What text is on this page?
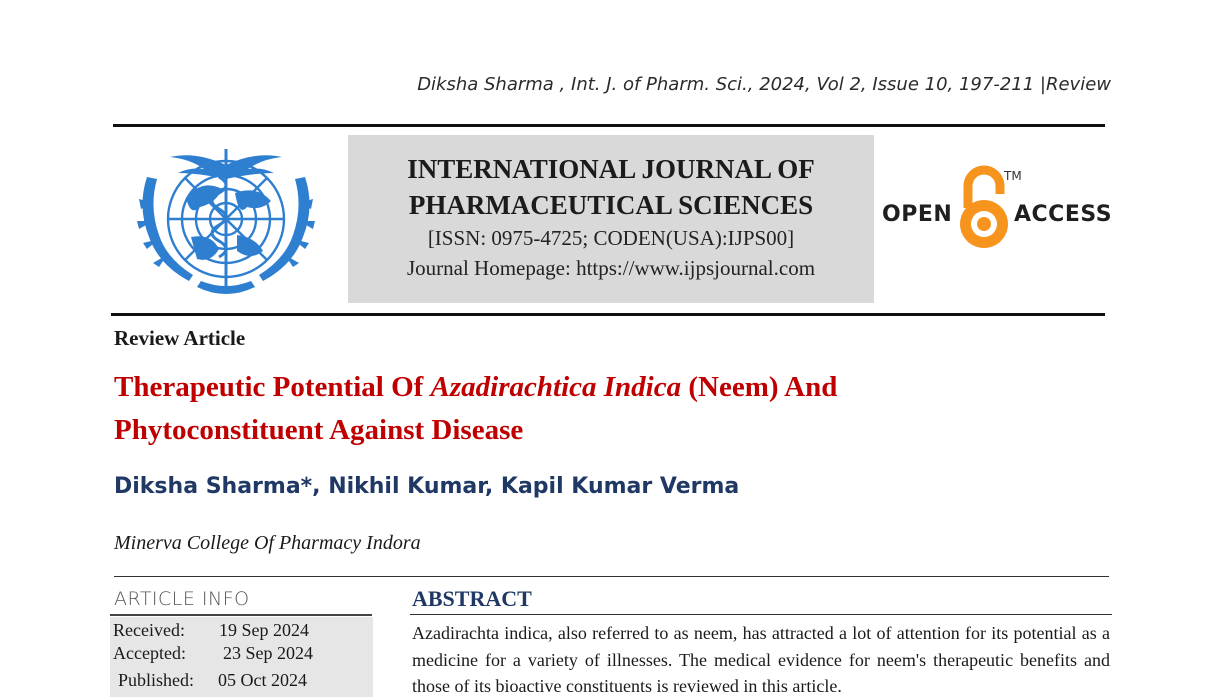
Diksha Sharma , Int. J. of Pharm. Sci., 2024, Vol 2, Issue 10, 197-211 |Review
INTERNATIONAL JOURNAL OF
PHARMACEUTICAL SCIENCES
[ISSN: 0975-4725; CODEN(USA):IJPS00]
Journal Homepage: https://www.ijpsjournal.com
OPEN
TM
ACCESS
Review Article
Therapeutic Potential Of Azadirachtica Indica (Neem) And Phytoconstituent Against Disease
Diksha Sharma*, Nikhil Kumar, Kapil Kumar Verma
Minerva College Of Pharmacy Indora
ARTICLE INFO
Received: 19 Sep 2024
Accepted: 23 Sep 2024
Published: 05 Oct 2024
ABSTRACT
Azadirachta indica, also referred to as neem, has attracted a lot of attention for its potential as a medicine for a variety of illnesses. The medical evidence for neem's therapeutic benefits and those of its bioactive constituents is reviewed in this article.
